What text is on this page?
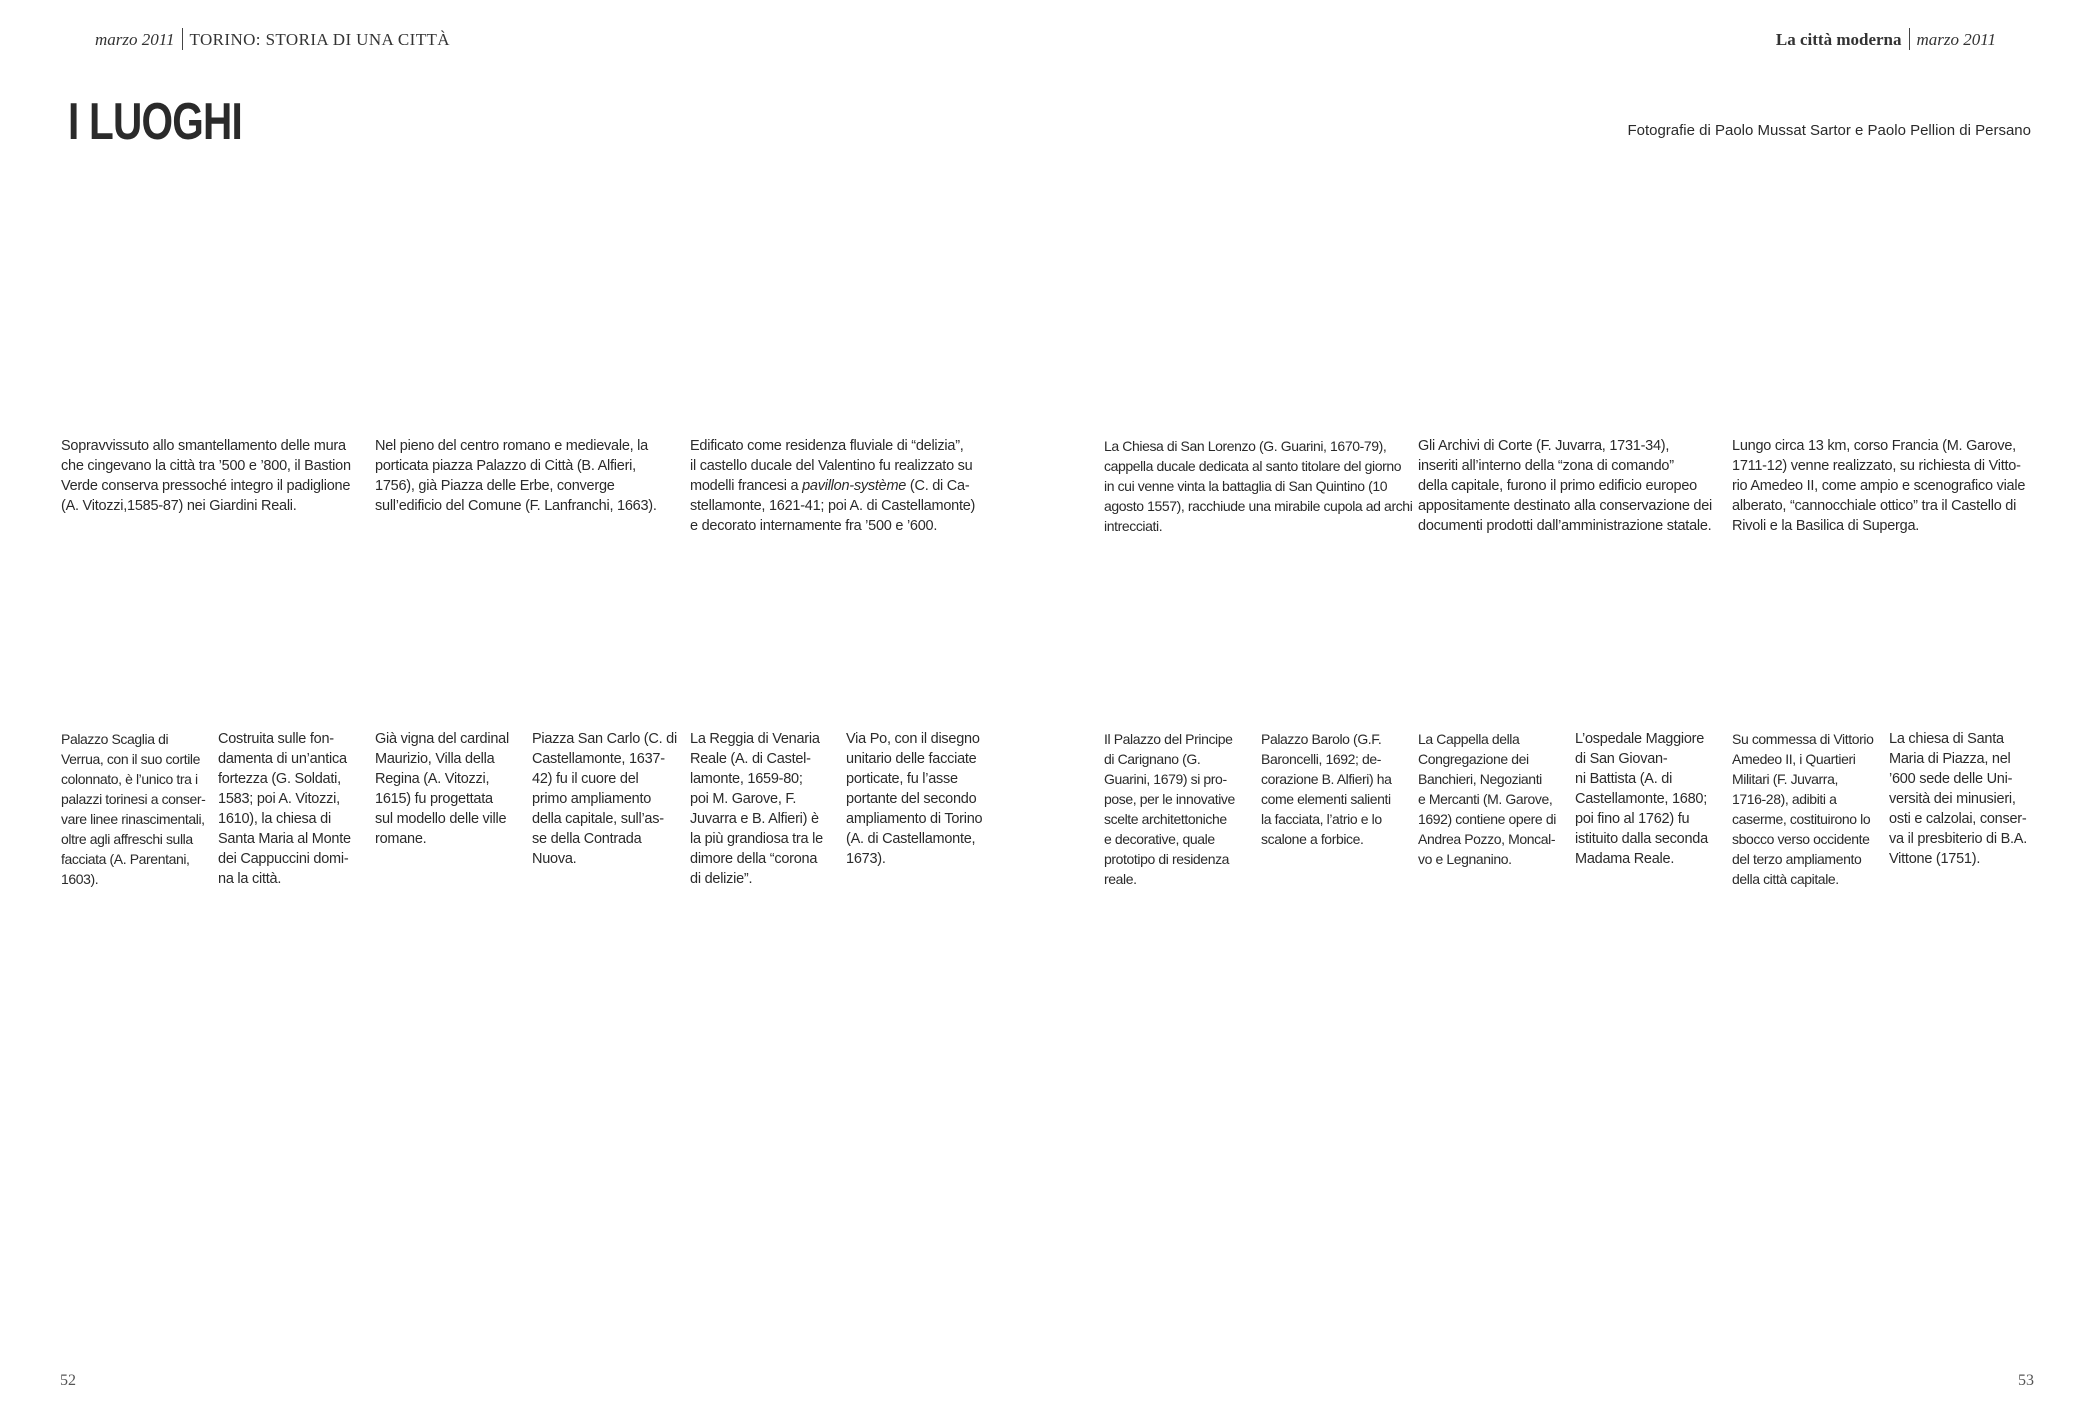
marzo 2011 TORINO: STORIA DI UNA CITTÀ	La città moderna marzo 2011
I LUOGHI	Fotografie di Paolo Mussat Sartor e Paolo Pellion di Persano
Sopravvissuto allo smantellamento delle mura
che cingevano la città tra ’500 e ’800, il Bastion
Verde conserva pressoché integro il padiglione
(A. Vitozzi,1585-87) nei Giardini Reali.
Nel pieno del centro romano e medievale, la
porticata piazza Palazzo di Città (B. Alfieri,
1756), già Piazza delle Erbe, converge
sull’edificio del Comune (F. Lanfranchi, 1663).
Edificato come residenza fluviale di “delizia”,
il castello ducale del Valentino fu realizzato su
modelli francesi a pavillon-système (C. di Ca-
stellamonte, 1621-41; poi A. di Castellamonte)
e decorato internamente fra ’500 e ’600.
La Chiesa di San Lorenzo (G. Guarini, 1670-79),
cappella ducale dedicata al santo titolare del giorno
in cui venne vinta la battaglia di San Quintino (10
agosto 1557), racchiude una mirabile cupola ad archi
intrecciati.
Gli Archivi di Corte (F. Juvarra, 1731-34),
inseriti all’interno della “zona di comando”
della capitale, furono il primo edificio europeo
appositamente destinato alla conservazione dei
documenti prodotti dall’amministrazione statale.
Lungo circa 13 km, corso Francia (M. Garove,
1711-12) venne realizzato, su richiesta di Vitto-
rio Amedeo II, come ampio e scenografico viale
alberato, “cannocchiale ottico” tra il Castello di
Rivoli e la Basilica di Superga.
Palazzo Scaglia di
Verrua, con il suo cortile
colonnato, è l’unico tra i
palazzi torinesi a conser-
vare linee rinascimentali,
oltre agli affreschi sulla
facciata (A. Parentani,
1603).
Costruita sulle fon-
damenta di un’antica
fortezza (G. Soldati,
1583; poi A. Vitozzi,
1610), la chiesa di
Santa Maria al Monte
dei Cappuccini domi-
na la città.
Già vigna del cardinal
Maurizio, Villa della
Regina (A. Vitozzi,
1615) fu progettata
sul modello delle ville
romane.
Piazza San Carlo (C. di
Castellamonte, 1637-
42) fu il cuore del
primo ampliamento
della capitale, sull’as-
se della Contrada
Nuova.
La Reggia di Venaria
Reale (A. di Castel-
lamonte, 1659-80;
poi M. Garove, F.
Juvarra e B. Alfieri) è
la più grandiosa tra le
dimore della “corona
di delizie”.
Via Po, con il disegno
unitario delle facciate
porticate, fu l’asse
portante del secondo
ampliamento di Torino
(A. di Castellamonte,
1673).
Il Palazzo del Principe
di Carignano (G.
Guarini, 1679) si pro-
pose, per le innovative
scelte architettoniche
e decorative, quale
prototipo di residenza
reale.
Palazzo Barolo (G.F.
Baroncelli, 1692; de-
corazione B. Alfieri) ha
come elementi salienti
la facciata, l’atrio e lo
scalone a forbice.
La Cappella della
Congregazione dei
Banchieri, Negozianti
e Mercanti (M. Garove,
1692) contiene opere di
Andrea Pozzo, Moncal-
vo e Legnanino.
L’ospedale Maggiore
di San Giovan-
ni Battista (A. di
Castellamonte, 1680;
poi fino al 1762) fu
istituito dalla seconda
Madama Reale.
Su commessa di Vittorio
Amedeo II, i Quartieri
Militari (F. Juvarra,
1716-28), adibiti a
caserme, costituirono lo
sbocco verso occidente
del terzo ampliamento
della città capitale.
La chiesa di Santa
Maria di Piazza, nel
’600 sede delle Uni-
versità dei minusieri,
osti e calzolai, conser-
va il presbiterio di B.A.
Vittone (1751).
52	53
